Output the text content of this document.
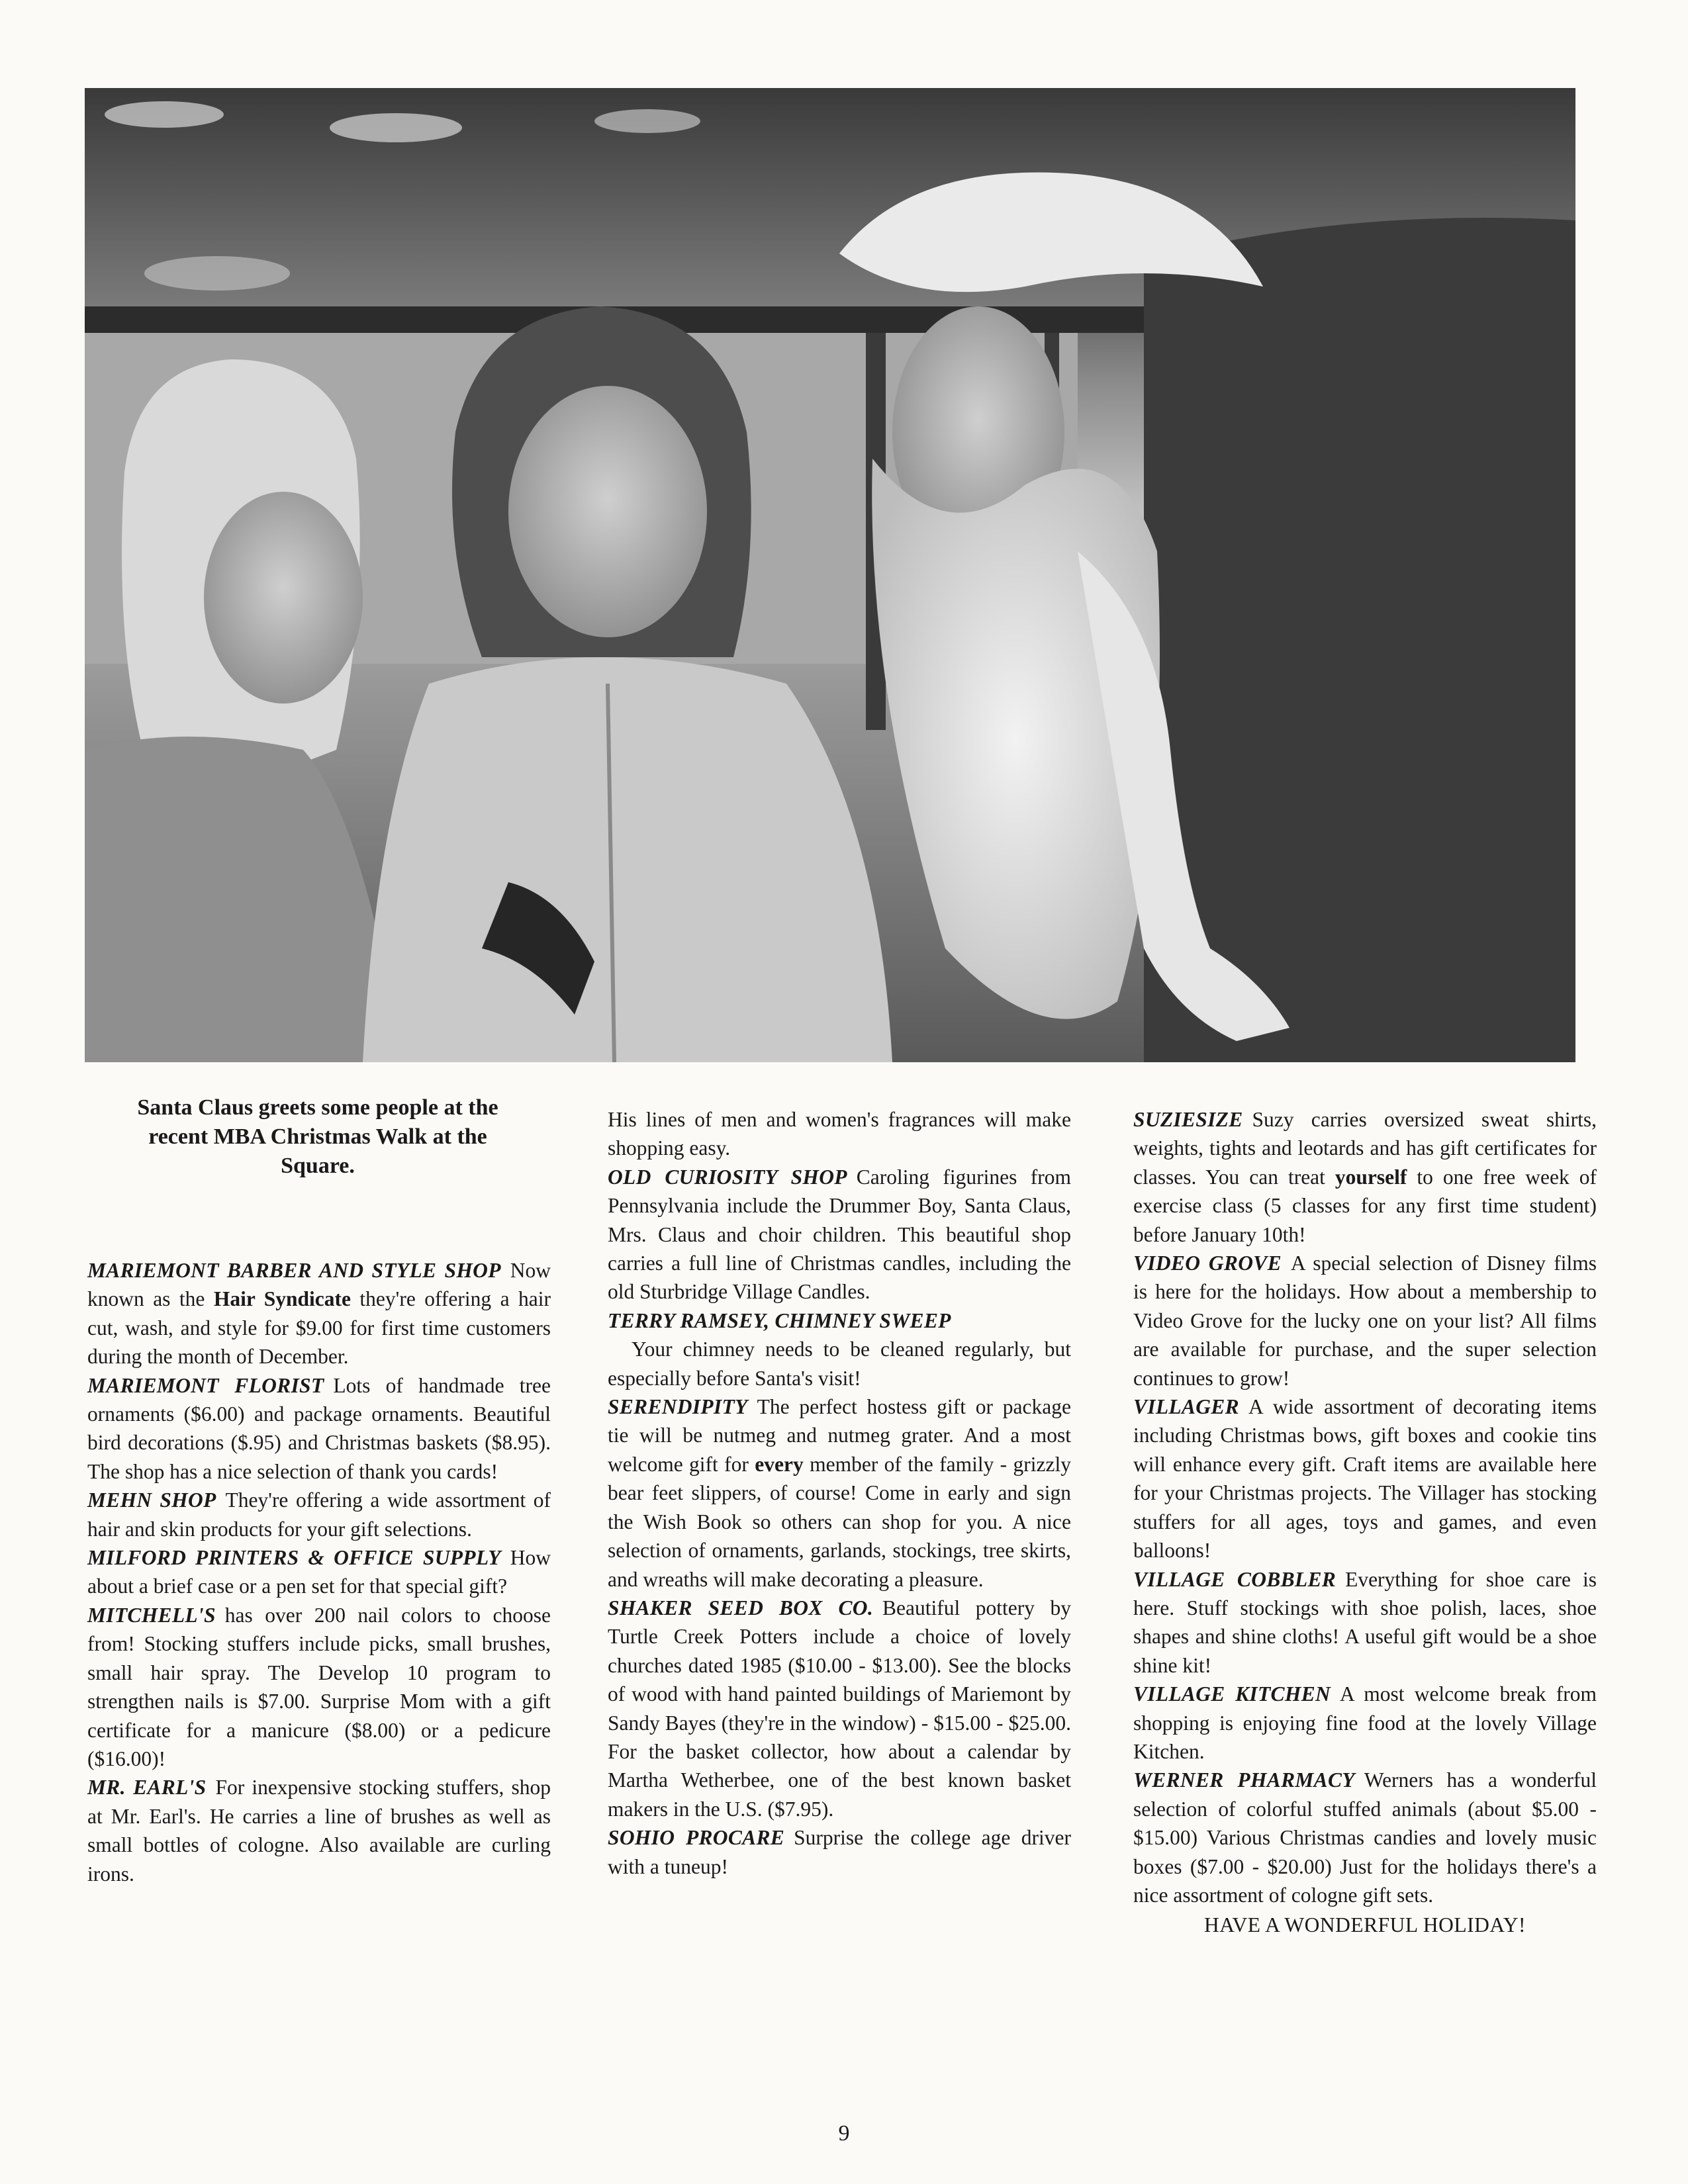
Santa Claus greets some people at the recent MBA Christmas Walk at the Square.

MARIEMONT BARBER AND STYLE SHOP Now known as the Hair Syndicate they're offering a hair cut, wash, and style for $9.00 for first time customers during the month of December.

MARIEMONT FLORIST Lots of handmade tree ornaments ($6.00) and package ornaments. Beautiful bird decorations ($.95) and Christmas baskets ($8.95). The shop has a nice selection of thank you cards!

MEHN SHOP They're offering a wide assortment of hair and skin products for your gift selections.

MILFORD PRINTERS & OFFICE SUPPLY How about a brief case or a pen set for that special gift?

MITCHELL'S has over 200 nail colors to choose from! Stocking stuffers include picks, small brushes, small hair spray. The Develop 10 program to strengthen nails is $7.00. Surprise Mom with a gift certificate for a manicure ($8.00) or a pedicure ($16.00)!

MR. EARL'S For inexpensive stocking stuffers, shop at Mr. Earl's. He carries a line of brushes as well as small bottles of cologne. Also available are curling irons.

His lines of men and women's fragrances will make shopping easy.

OLD CURIOSITY SHOP Caroling figurines from Pennsylvania include the Drummer Boy, Santa Claus, Mrs. Claus and choir children. This beautiful shop carries a full line of Christmas candles, including the old Sturbridge Village Candles.

TERRY RAMSEY, CHIMNEY SWEEP
Your chimney needs to be cleaned regularly, but especially before Santa's visit!

SERENDIPITY The perfect hostess gift or package tie will be nutmeg and nutmeg grater. And a most welcome gift for every member of the family - grizzly bear feet slippers, of course! Come in early and sign the Wish Book so others can shop for you. A nice selection of ornaments, garlands, stockings, tree skirts, and wreaths will make decorating a pleasure.

SHAKER SEED BOX CO. Beautiful pottery by Turtle Creek Potters include a choice of lovely churches dated 1985 ($10.00 - $13.00). See the blocks of wood with hand painted buildings of Mariemont by Sandy Bayes (they're in the window) - $15.00 - $25.00. For the basket collector, how about a calendar by Martha Wetherbee, one of the best known basket makers in the U.S. ($7.95).

SOHIO PROCARE Surprise the college age driver with a tuneup!

SUZIESIZE Suzy carries oversized sweat shirts, weights, tights and leotards and has gift certificates for classes. You can treat yourself to one free week of exercise class (5 classes for any first time student) before January 10th!

VIDEO GROVE A special selection of Disney films is here for the holidays. How about a membership to Video Grove for the lucky one on your list? All films are available for purchase, and the super selection continues to grow!

VILLAGER A wide assortment of decorating items including Christmas bows, gift boxes and cookie tins will enhance every gift. Craft items are available here for your Christmas projects. The Villager has stocking stuffers for all ages, toys and games, and even balloons!

VILLAGE COBBLER Everything for shoe care is here. Stuff stockings with shoe polish, laces, shoe shapes and shine cloths! A useful gift would be a shoe shine kit!

VILLAGE KITCHEN A most welcome break from shopping is enjoying fine food at the lovely Village Kitchen.

WERNER PHARMACY Werners has a wonderful selection of colorful stuffed animals (about $5.00 - $15.00) Various Christmas candies and lovely music boxes ($7.00 - $20.00) Just for the holidays there's a nice assortment of cologne gift sets.

HAVE A WONDERFUL HOLIDAY!

9
